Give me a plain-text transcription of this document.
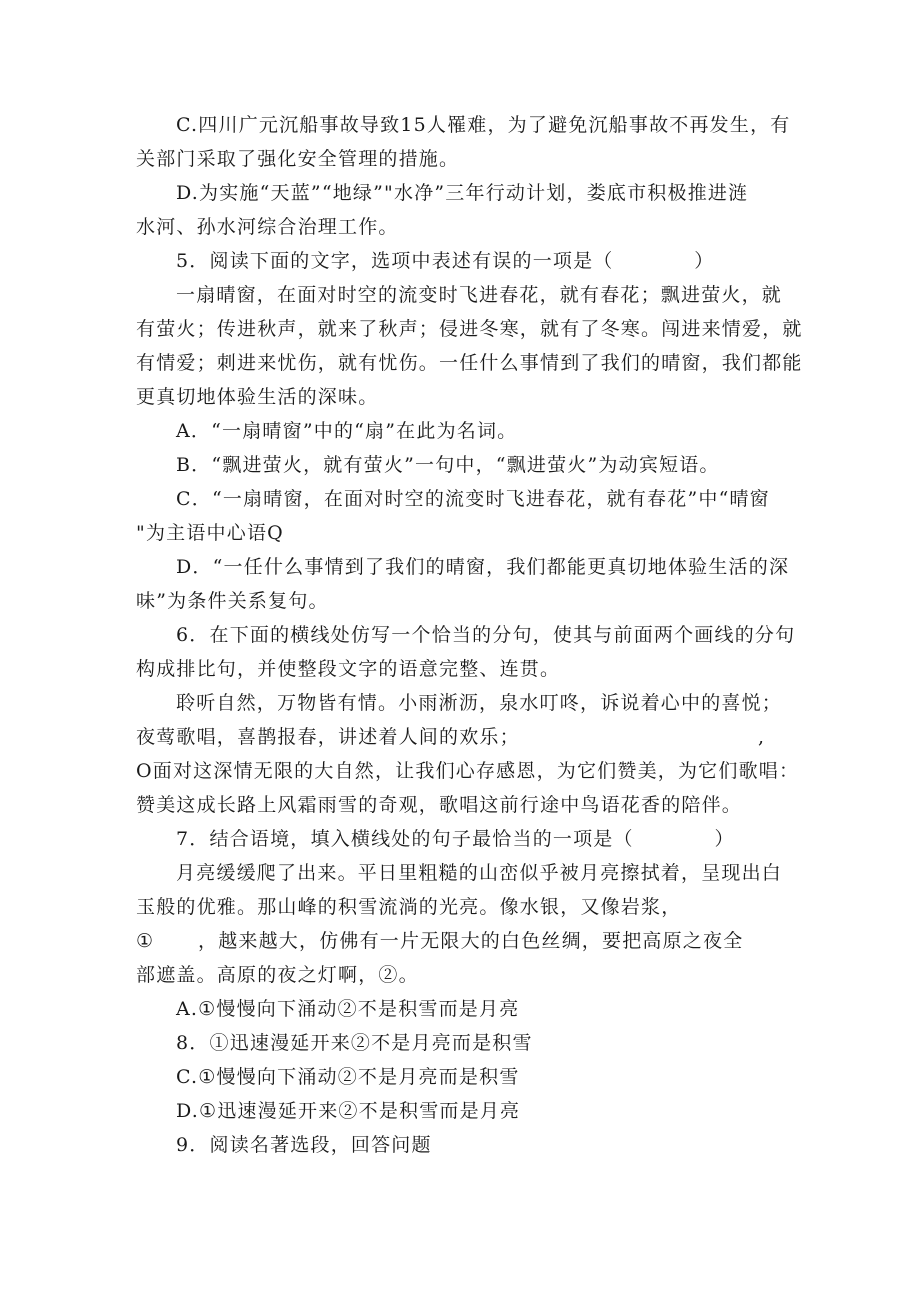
C.四川广元沉船事故导致15人罹难，为了避免沉船事故不再发生，有
关部门采取了强化安全管理的措施。
D.为实施“天蓝”“地绿”"水净”三年行动计划，娄底市积极推进涟
水河、孙水河综合治理工作。
5．阅读下面的文字，选项中表述有误的一项是（　　　　）
一扇晴窗，在面对时空的流变时飞进春花，就有春花；飘进萤火，就
有萤火；传进秋声，就来了秋声；侵进冬寒，就有了冬寒。闯进来情爱，就
有情爱；刺进来忧伤，就有忧伤。一任什么事情到了我们的晴窗，我们都能
更真切地体验生活的深味。
A．“一扇晴窗”中的“扇”在此为名词。
B．“飘进萤火，就有萤火”一句中，“飘进萤火”为动宾短语。
C．“一扇晴窗，在面对时空的流变时飞进春花，就有春花”中“晴窗
"为主语中心语Q
D．“一任什么事情到了我们的晴窗，我们都能更真切地体验生活的深
味”为条件关系复句。
6．在下面的横线处仿写一个恰当的分句，使其与前面两个画线的分句
构成排比句，并使整段文字的语意完整、连贯。
聆听自然，万物皆有情。小雨淅沥，泉水叮咚，诉说着心中的喜悦；
夜莺歌唱，喜鹊报春，讲述着人间的欢乐；	,
O面对这深情无限的大自然，让我们心存感恩，为它们赞美，为它们歌唱：
赞美这成长路上风霜雨雪的奇观，歌唱这前行途中鸟语花香的陪伴。
7．结合语境，填入横线处的句子最恰当的一项是（　　　　）
月亮缓缓爬了出来。平日里粗糙的山峦似乎被月亮擦拭着，呈现出白
玉般的优雅。那山峰的积雪流淌的光亮。像水银，又像岩浆，
① ，越来越大，仿佛有一片无限大的白色丝绸，要把高原之夜全
部遮盖。高原的夜之灯啊，②。
A.①慢慢向下涌动②不是积雪而是月亮
8．①迅速漫延开来②不是月亮而是积雪
C.①慢慢向下涌动②不是月亮而是积雪
D.①迅速漫延开来②不是积雪而是月亮
9．阅读名著选段，回答问题
